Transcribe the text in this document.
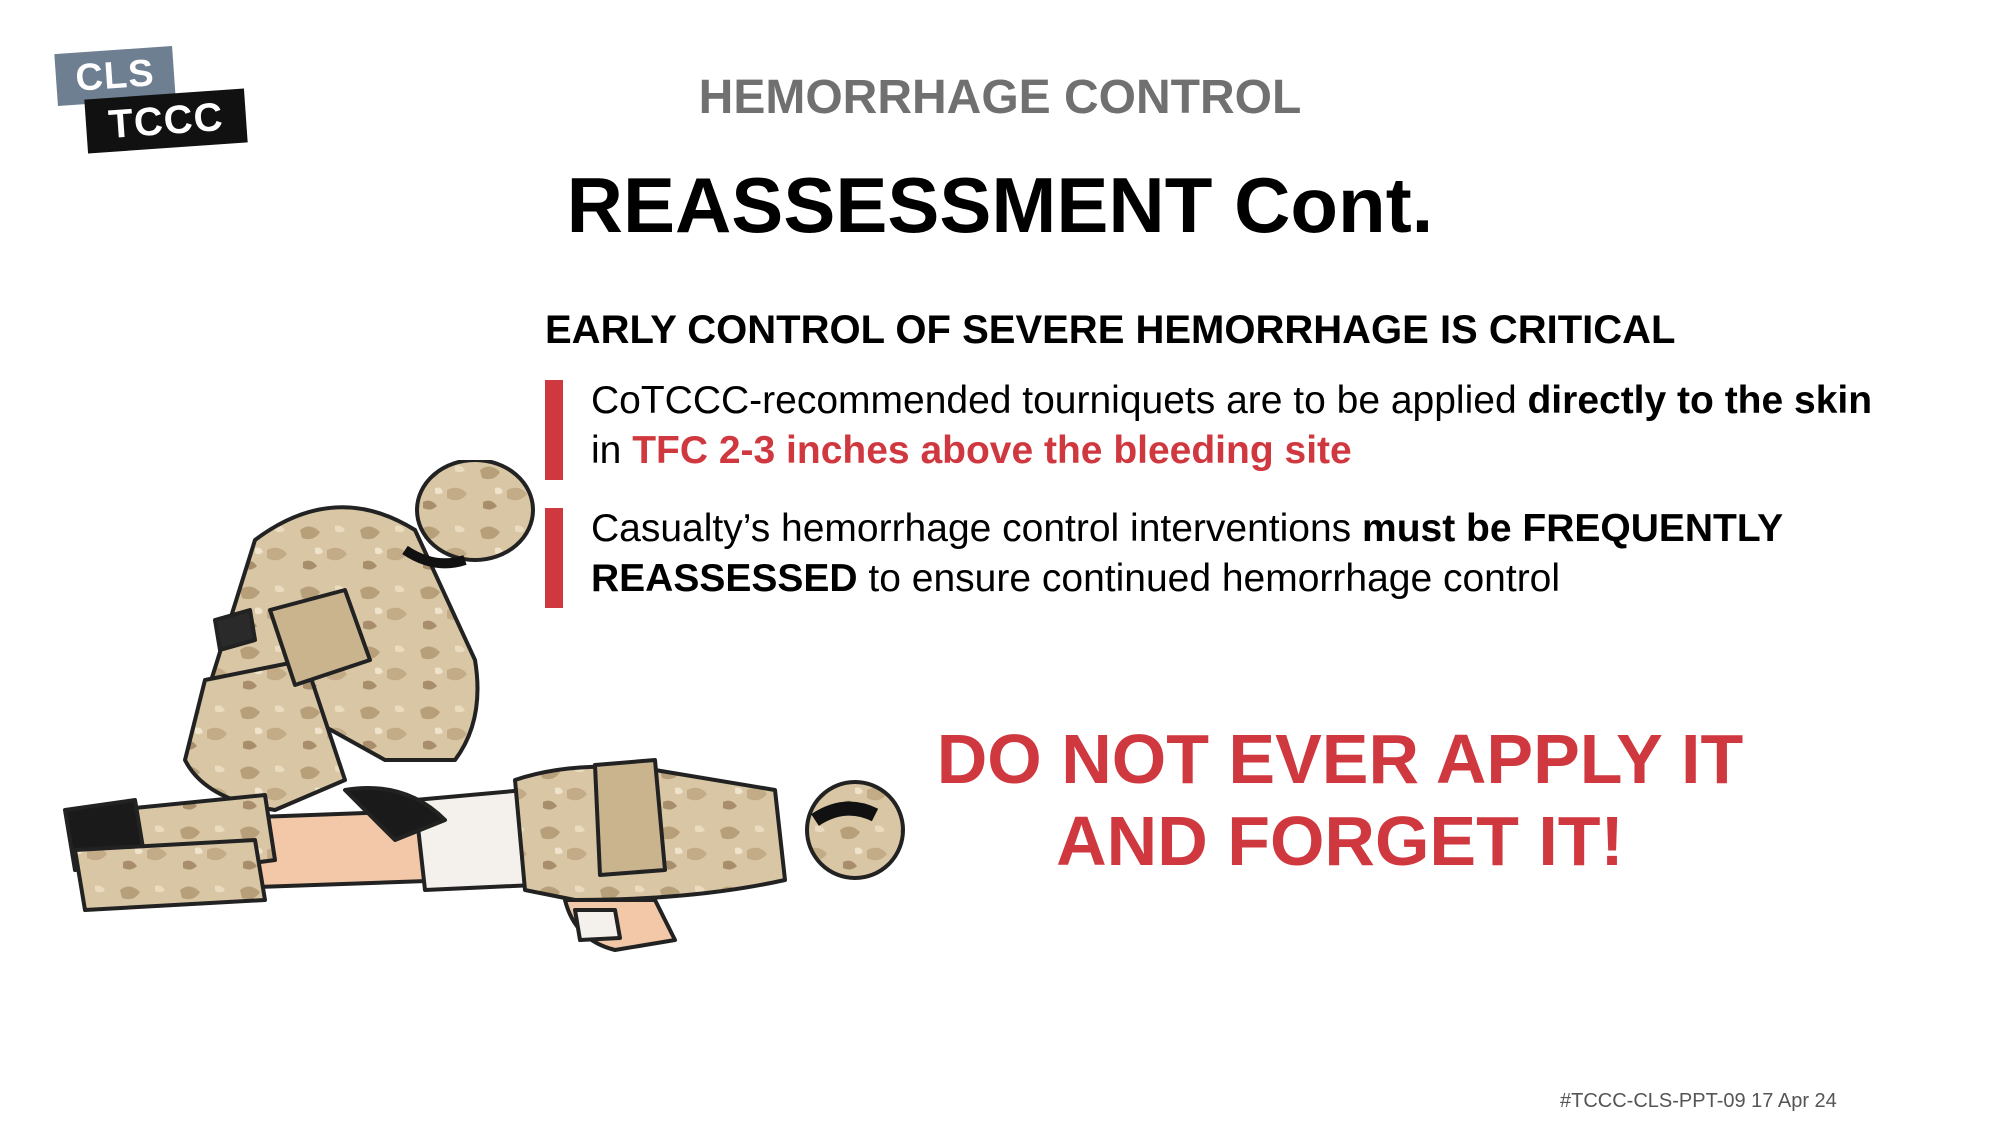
CLS
TCCC	HEMORRHAGE CONTROL
REASSESSMENT Cont.
EARLY CONTROL OF SEVERE HEMORRHAGE IS CRITICAL
CoTCCC-recommended tourniquets are to be applied directly to the skin in TFC 2-3 inches above the bleeding site
Casualty’s hemorrhage control interventions must be FREQUENTLY REASSESSED to ensure continued hemorrhage control
DO NOT EVER APPLY IT
AND FORGET IT!
#TCCC-CLS-PPT-09 17 Apr 24
